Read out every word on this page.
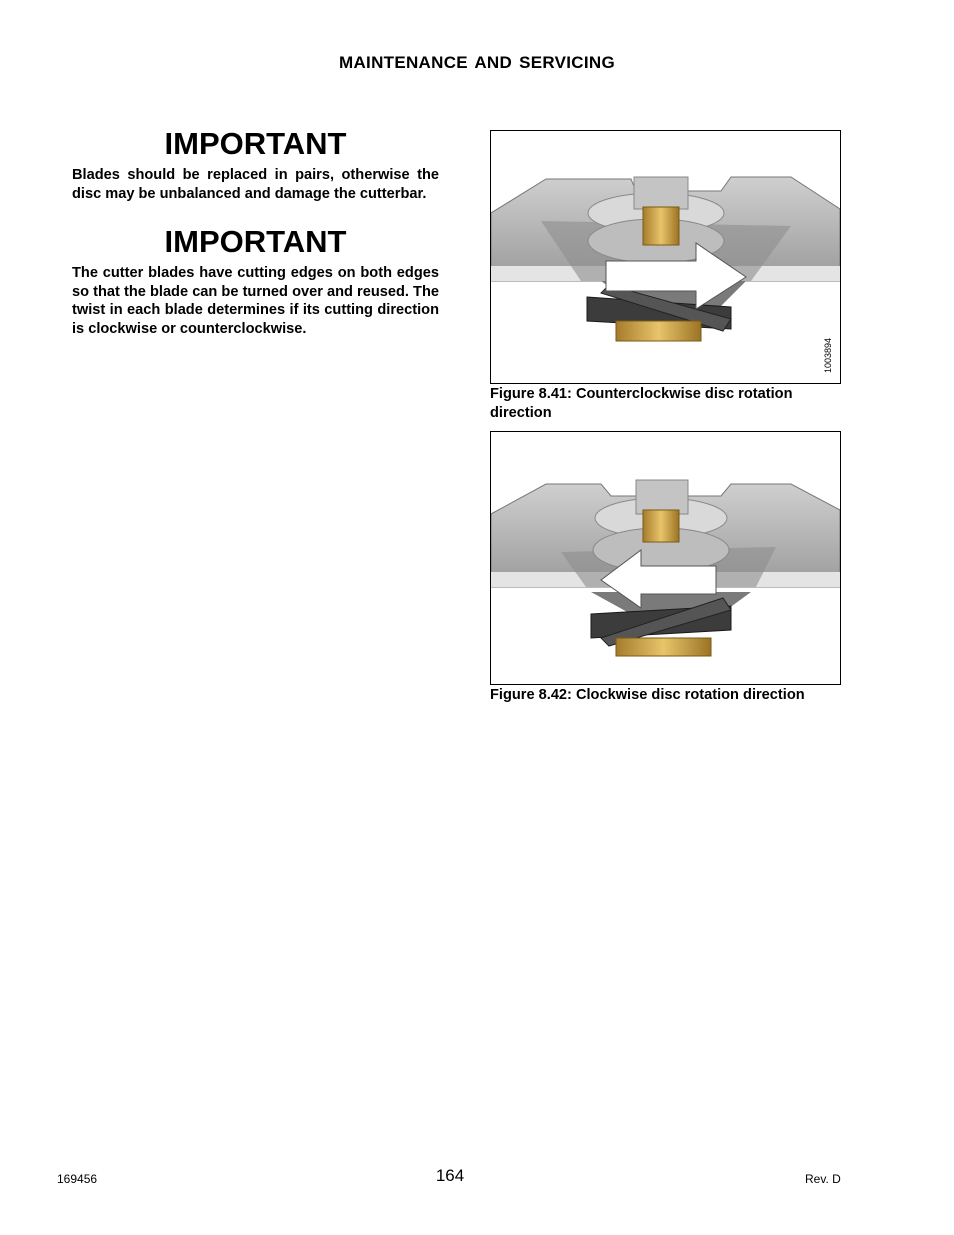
MAINTENANCE AND SERVICING
IMPORTANT
Blades should be replaced in pairs, otherwise the disc may be unbalanced and damage the cutterbar.
IMPORTANT
The cutter blades have cutting edges on both edges so that the blade can be turned over and reused. The twist in each blade determines if its cutting direction is clockwise or counterclockwise.
1003894
Figure 8.41: Counterclockwise disc rotation direction
Figure 8.42: Clockwise disc rotation direction
169456	164	Rev. D
